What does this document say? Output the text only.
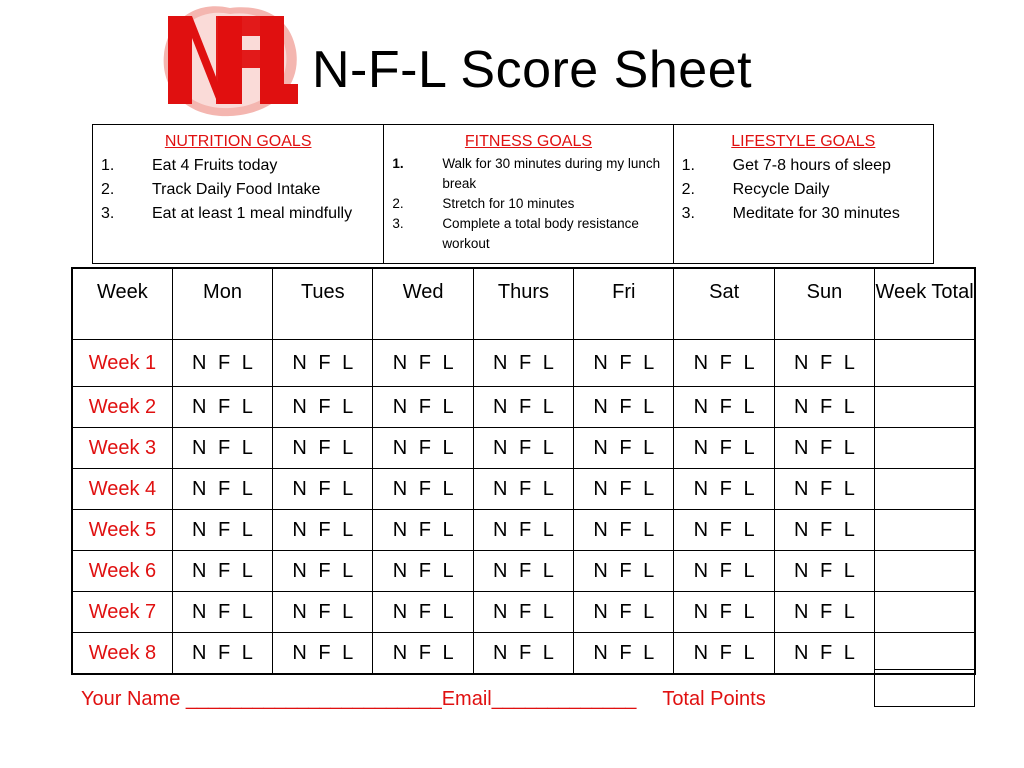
N-F-L Score Sheet
NUTRITION GOALS
1.	Eat 4 Fruits today
2.	Track Daily Food Intake
3.	Eat at least 1 meal mindfully
FITNESS GOALS
1.	Walk for 30 minutes during my lunch break
2.	Stretch for 10 minutes
3.	Complete a total body resistance workout
LIFESTYLE GOALS
1.	Get 7-8 hours of sleep
2.	Recycle Daily
3.	Meditate for 30 minutes
Week	Mon	Tues	Wed	Thurs	Fri	Sat	Sun	Week Total
Week 1	N F L	N F L	N F L	N F L	N F L	N F L	N F L	
Week 2	N F L	N F L	N F L	N F L	N F L	N F L	N F L	
Week 3	N F L	N F L	N F L	N F L	N F L	N F L	N F L	
Week 4	N F L	N F L	N F L	N F L	N F L	N F L	N F L	
Week 5	N F L	N F L	N F L	N F L	N F L	N F L	N F L	
Week 6	N F L	N F L	N F L	N F L	N F L	N F L	N F L	
Week 7	N F L	N F L	N F L	N F L	N F L	N F L	N F L	
Week 8	N F L	N F L	N F L	N F L	N F L	N F L	N F L	
Your Name _______________________Email_____________ Total Points
